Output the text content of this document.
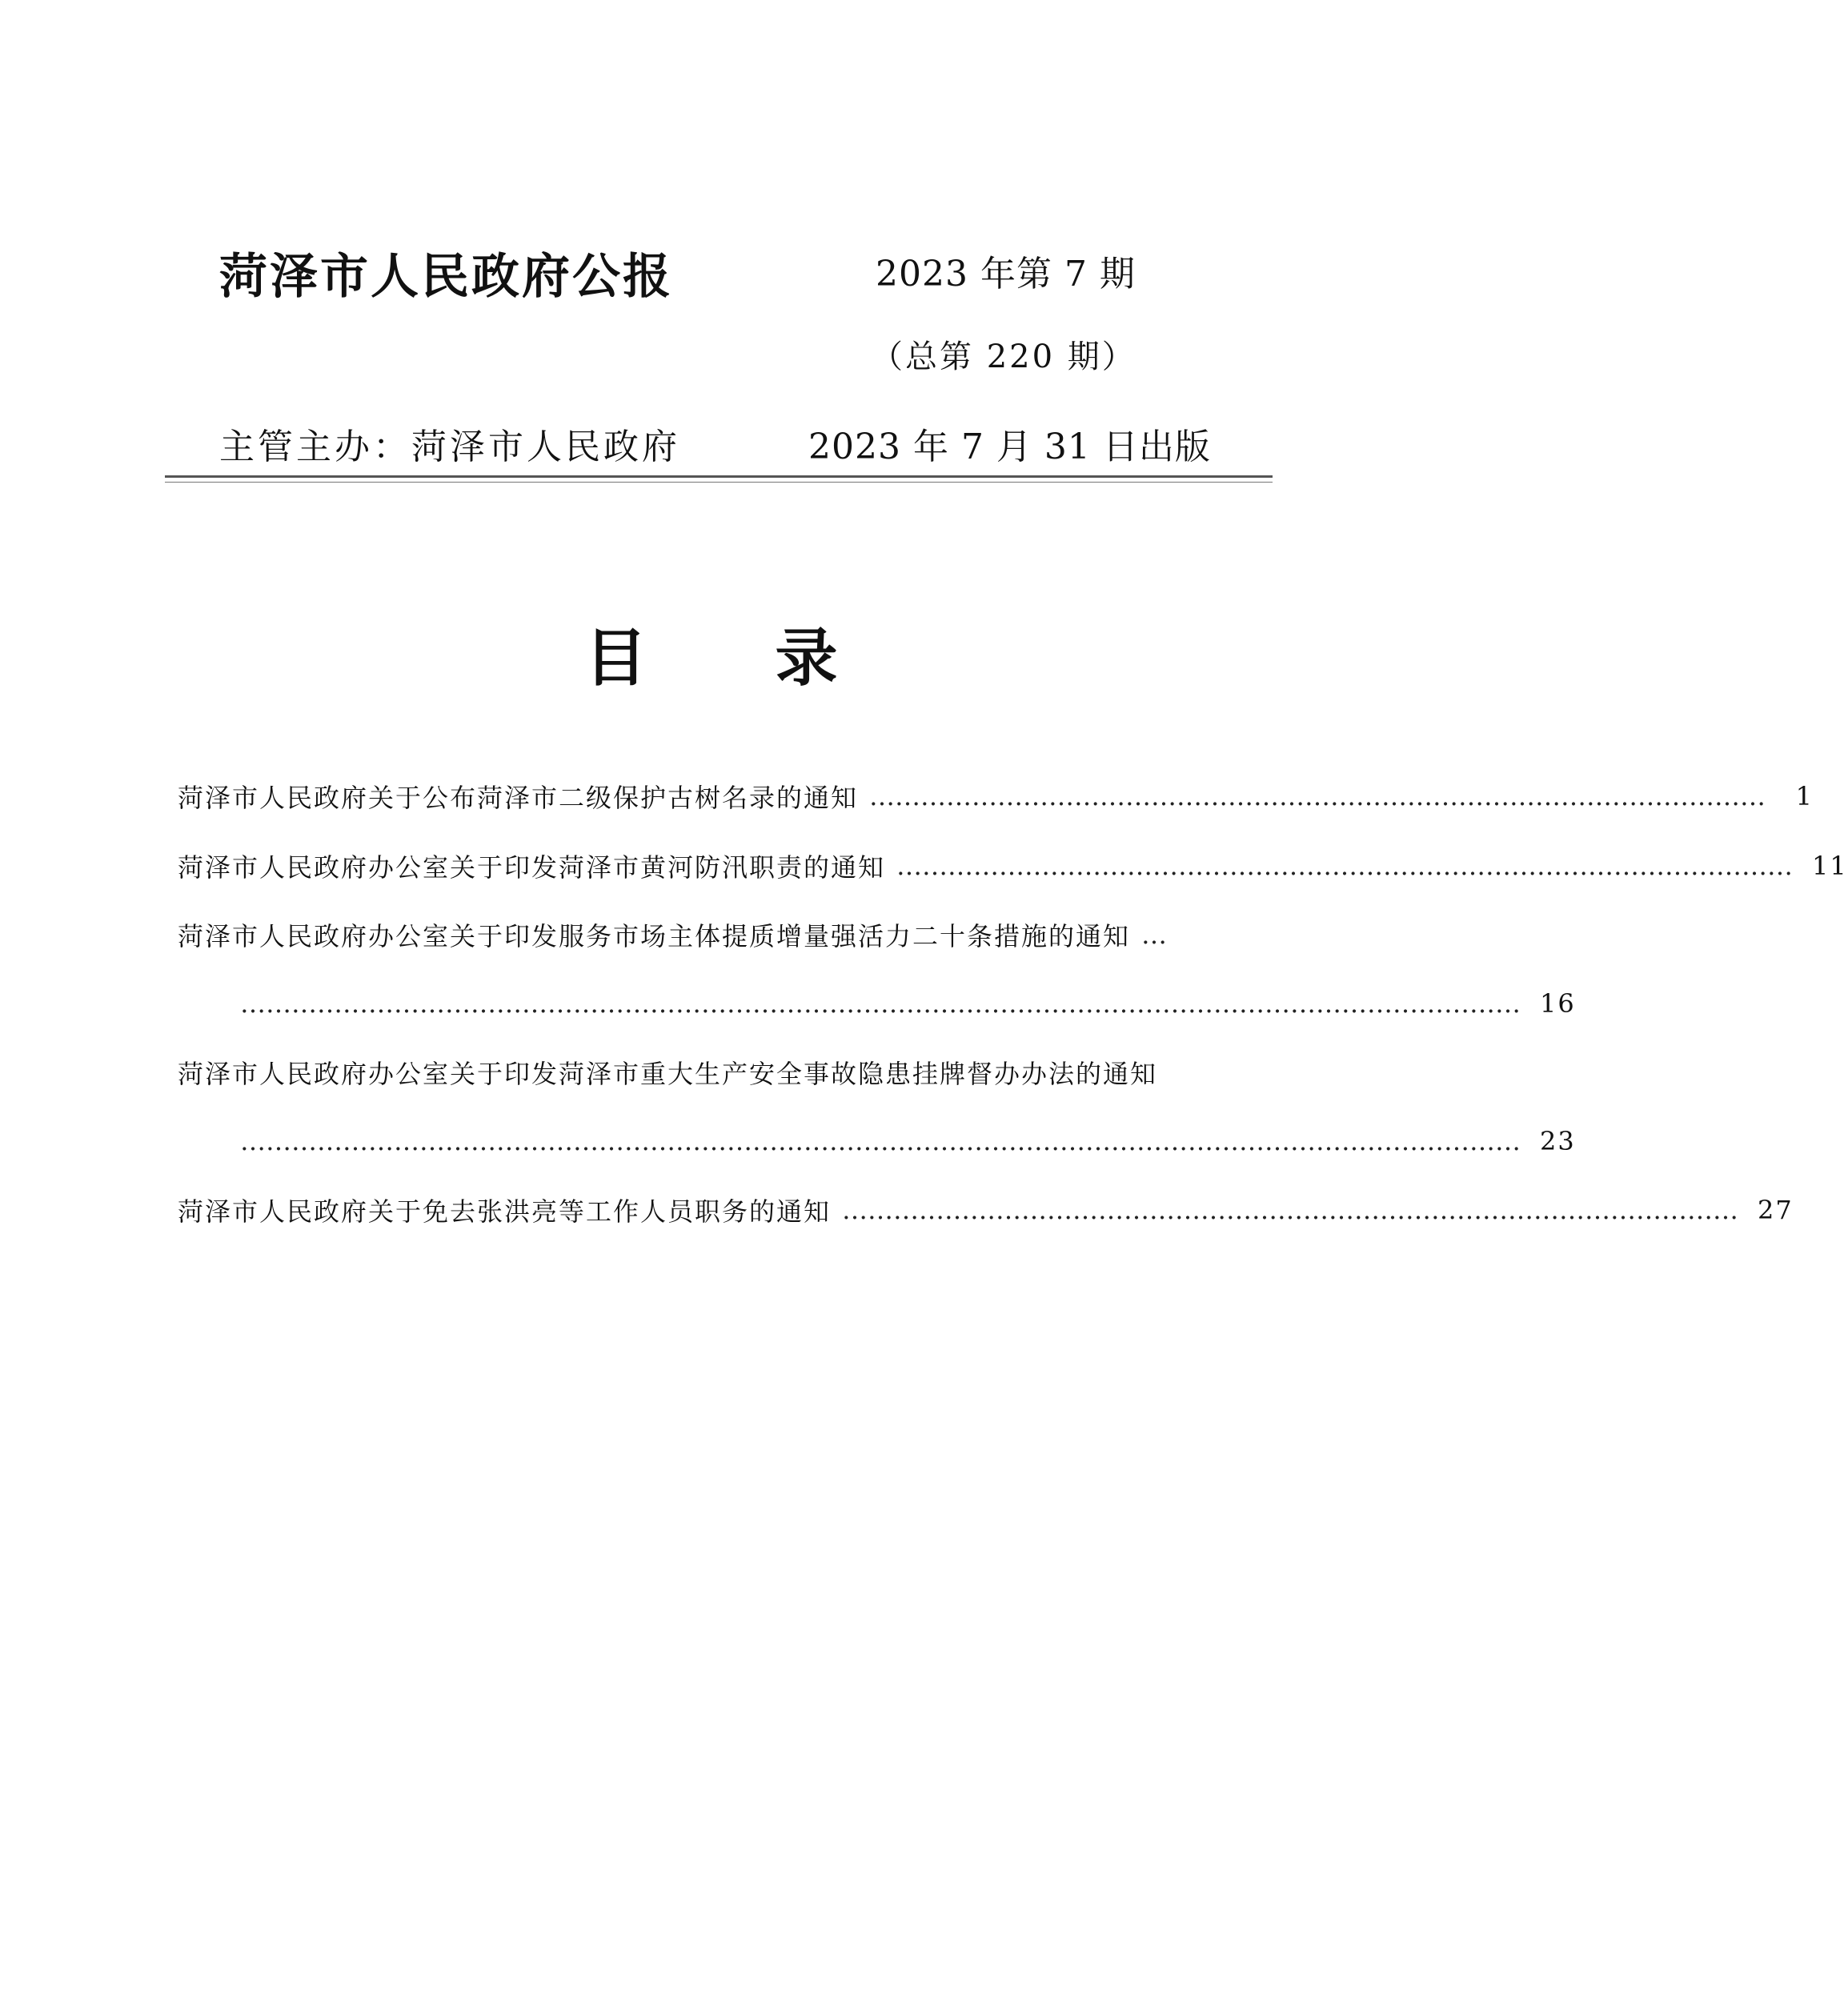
菏泽市人民政府公报	2023 年第 7 期
（总第 220 期）
主管主办：菏泽市人民政府	2023 年 7 月 31 日出版
目 录
菏泽市人民政府关于公布菏泽市二级保护古树名录的通知 ……………………………………………………………………………………………	1
菏泽市人民政府办公室关于印发菏泽市黄河防汛职责的通知 …………………………………………………………………………………………… 11
菏泽市人民政府办公室关于印发服务市场主体提质增量强活力二十条措施的通知 …
…………………………………………………………………………………………………………………………………… 16
菏泽市人民政府办公室关于印发菏泽市重大生产安全事故隐患挂牌督办办法的通知
…………………………………………………………………………………………………………………………………… 23
菏泽市人民政府关于免去张洪亮等工作人员职务的通知 …………………………………………………………………………………………… 27
